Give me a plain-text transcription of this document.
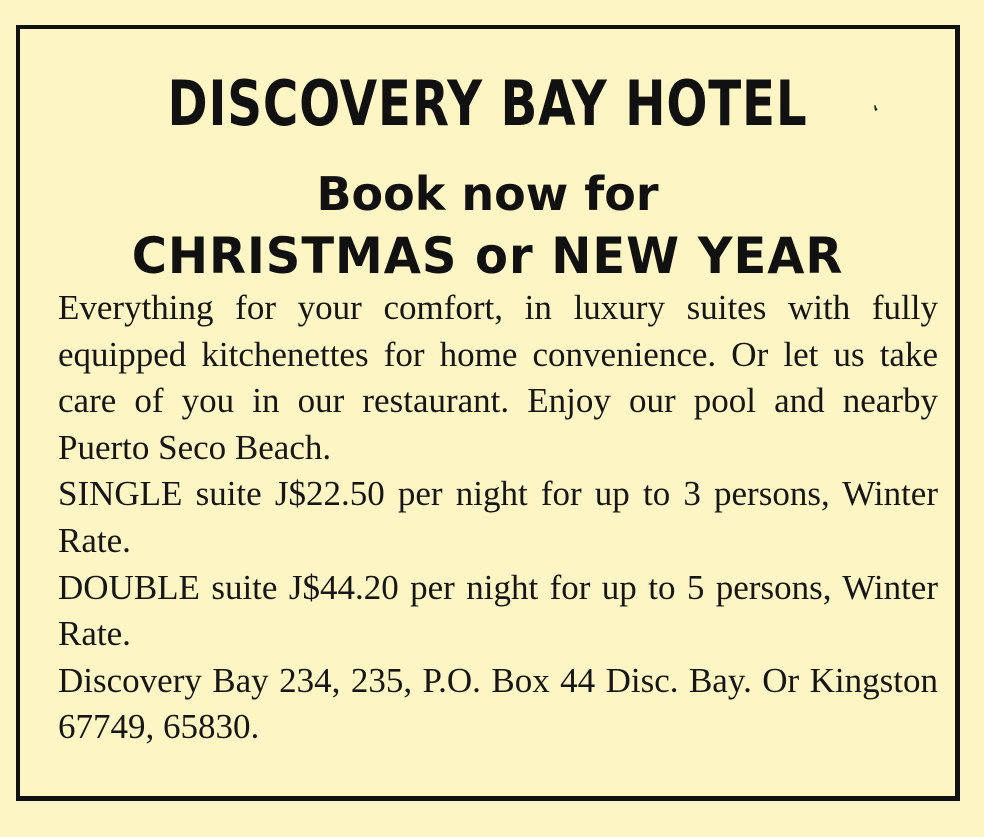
DISCOVERY BAY HOTEL
Book now for
CHRISTMAS or NEW YEAR
Everything for your comfort, in luxury suites with fully equipped kitchenettes for home convenience. Or let us take care of you in our restaurant. Enjoy our pool and nearby Puerto Seco Beach.
SINGLE suite J$22.50 per night for up to 3 persons, Winter Rate.
DOUBLE suite J$44.20 per night for up to 5 persons, Winter Rate.
Discovery Bay 234, 235, P.O. Box 44 Disc. Bay. Or Kingston 67749, 65830.
‘
